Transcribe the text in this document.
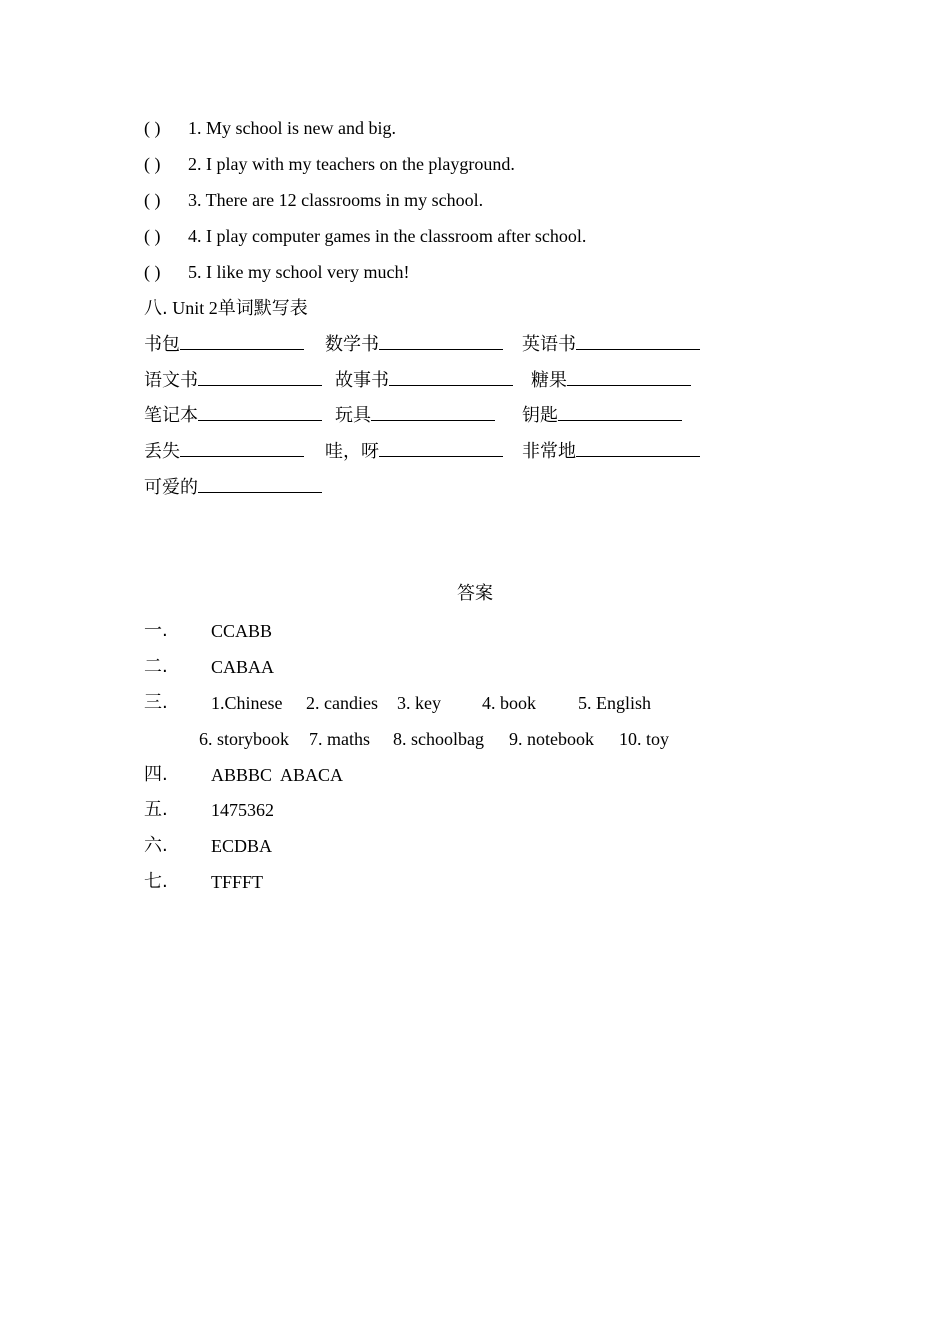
( ) 1. My school is new and big.
( ) 2. I play with my teachers on the playground.
( ) 3. There are 12 classrooms in my school.
( ) 4. I play computer games in the classroom after school.
( ) 5. I like my school very much!
八. Unit 2单词默写表
书包	数学书	英语书
语文书	故事书	糖果
笔记本	玩具	钥匙
丢失	哇，呀	非常地
可爱的
答案
一. CCABB
二. CABAA
三. 1.Chinese 2. candies 3. key 4. book 5. English
6. storybook 7. maths 8. schoolbag 9. notebook 10. toy
四. ABBBC  ABACA
五. 1475362
六. ECDBA
七. TFFFT
